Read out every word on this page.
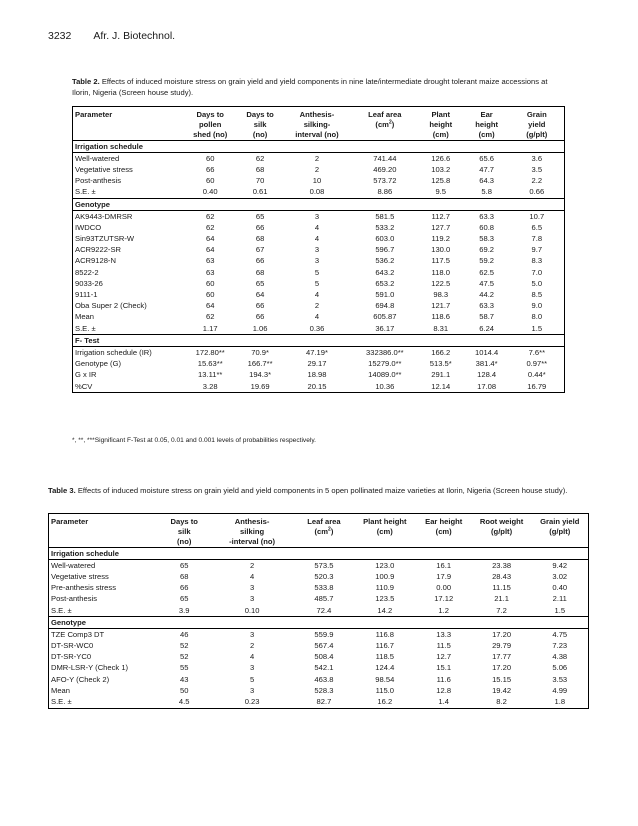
3232 Afr. J. Biotechnol.
Table 2. Effects of induced moisture stress on grain yield and yield components in nine late/intermediate drought tolerant maize accessions at Ilorin, Nigeria (Screen house study).
Parameter	Days to
pollen
shed (no)	Days to
silk
(no)	Anthesis-
silking-
interval (no)	Leaf area
$(cm^2)$	Plant
height
(cm)	Ear
height
(cm)	Grain
yield
(g/plt)
Irrigation schedule							
Well-watered	60	62	2	741.44	126.6	65.6	3.6
Vegetative stress	66	68	2	469.20	103.2	47.7	3.5
Post-anthesis	60	70	10	573.72	125.8	64.3	2.2
S.E. ±	0.40	0.61	0.08	8.86	9.5	5.8	0.66
Genotype							
AK9443-DMRSR	62	65	3	581.5	112.7	63.3	10.7
IWDCO	62	66	4	533.2	127.7	60.8	6.5
Sin93TZUTSR-W	64	68	4	603.0	119.2	58.3	7.8
ACR9222-SR	64	67	3	596.7	130.0	69.2	9.7
ACR9128-N	63	66	3	536.2	117.5	59.2	8.3
8522-2	63	68	5	643.2	118.0	62.5	7.0
9033-26	60	65	5	653.2	122.5	47.5	5.0
9111-1	60	64	4	591.0	98.3	44.2	8.5
Oba Super 2 (Check)	64	66	2	694.8	121.7	63.3	9.0
Mean	62	66	4	605.87	118.6	58.7	8.0
S.E. ±	1.17	1.06	0.36	36.17	8.31	6.24	1.5
F- Test							
Irrigation schedule (IR)	172.80**	70.9*	47.19*	332386.0**	166.2	1014.4	7.6**
Genotype (G)	15.63**	166.7**	29.17	15279.0**	513.5*	381.4*	0.97**
G x IR	13.11**	194.3*	18.98	14089.0**	291.1	128.4	0.44*
%CV	3.28	19.69	20.15	10.36	12.14	17.08	16.79
*, **, ***Significant F-Test at 0.05, 0.01 and 0.001 levels of probabilities respectively.
Table 3. Effects of induced moisture stress on grain yield and yield components in 5 open pollinated maize varieties at Ilorin, Nigeria (Screen house study).
Parameter	Days to
silk
(no)	Anthesis-
silking
-interval (no)	Leaf area
$(cm^2)$	Plant height
(cm)	Ear height
(cm)	Root weight
(g/plt)	Grain yield
(g/plt)
Irrigation schedule							
Well-watered	65	2	573.5	123.0	16.1	23.38	9.42
Vegetative stress	68	4	520.3	100.9	17.9	28.43	3.02
Pre-anthesis stress	66	3	533.8	110.9	0.00	11.15	0.40
Post-anthesis	65	3	485.7	123.5	17.12	21.1	2.11
S.E. ±	3.9	0.10	72.4	14.2	1.2	7.2	1.5
Genotype							
TZE Comp3 DT	46	3	559.9	116.8	13.3	17.20	4.75
DT-SR-WC0	52	2	567.4	116.7	11.5	29.79	7.23
DT-SR-YC0	52	4	508.4	118.5	12.7	17.77	4.38
DMR-LSR-Y (Check 1)	55	3	542.1	124.4	15.1	17.20	5.06
AFO-Y (Check 2)	43	5	463.8	98.54	11.6	15.15	3.53
Mean	50	3	528.3	115.0	12.8	19.42	4.99
S.E. ±	4.5	0.23	82.7	16.2	1.4	8.2	1.8
